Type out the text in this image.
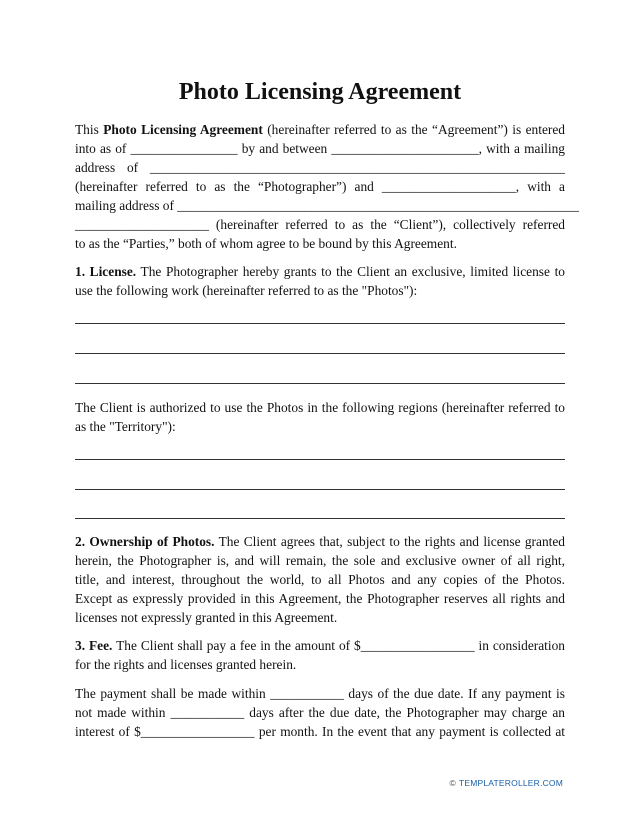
Photo Licensing Agreement
This Photo Licensing Agreement (hereinafter referred to as the “Agreement”) is entered
into as of ________________ by and between ______________________, with a mailing
address of ______________________________________________________________
(hereinafter referred to as the “Photographer”) and ____________________, with a
mailing address of ____________________________________________________________
____________________ (hereinafter referred to as the “Client”), collectively referred
to as the “Parties,” both of whom agree to be bound by this Agreement.
1. License. The Photographer hereby grants to the Client an exclusive, limited license to
use the following work (hereinafter referred to as the "Photos"):
The Client is authorized to use the Photos in the following regions (hereinafter referred to
as the "Territory"):
2. Ownership of Photos. The Client agrees that, subject to the rights and license granted
herein, the Photographer is, and will remain, the sole and exclusive owner of all right,
title, and interest, throughout the world, to all Photos and any copies of the Photos.
Except as expressly provided in this Agreement, the Photographer reserves all rights and
licenses not expressly granted in this Agreement.
3. Fee. The Client shall pay a fee in the amount of $_________________ in consideration
for the rights and licenses granted herein.
The payment shall be made within ___________ days of the due date. If any payment is
not made within ___________ days after the due date, the Photographer may charge an
interest of $_________________ per month. In the event that any payment is collected at
© TEMPLATEROLLER.COM
